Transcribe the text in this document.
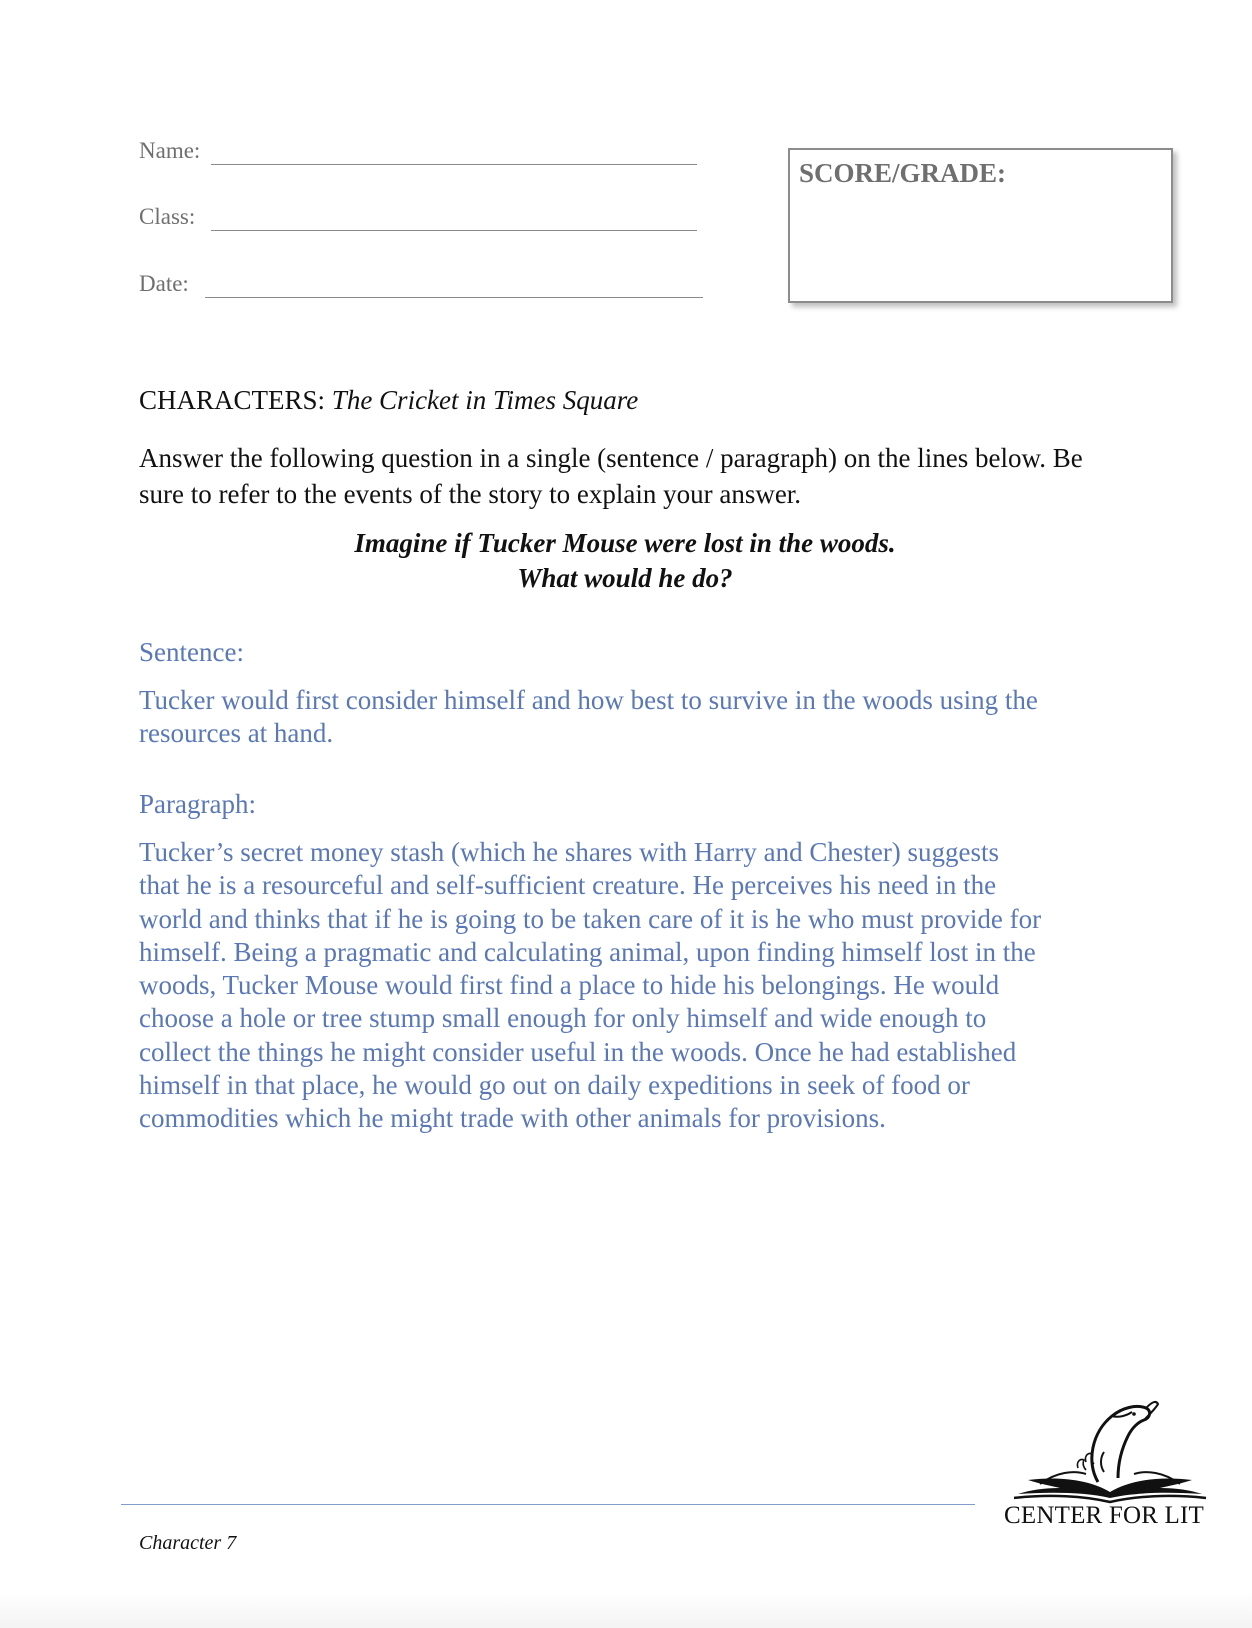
Name:
Class:
Date:
SCORE/GRADE:
CHARACTERS: The Cricket in Times Square
Answer the following question in a single (sentence / paragraph) on the lines below. Be sure to refer to the events of the story to explain your answer.
Imagine if Tucker Mouse were lost in the woods.
What would he do?
Sentence:
Tucker would first consider himself and how best to survive in the woods using the
resources at hand.
Paragraph:
Tucker’s secret money stash (which he shares with Harry and Chester) suggests
that he is a resourceful and self-sufficient creature. He perceives his need in the
world and thinks that if he is going to be taken care of it is he who must provide for
himself. Being a pragmatic and calculating animal, upon finding himself lost in the
woods, Tucker Mouse would first find a place to hide his belongings. He would
choose a hole or tree stump small enough for only himself and wide enough to
collect the things he might consider useful in the woods. Once he had established
himself in that place, he would go out on daily expeditions in seek of food or
commodities which he might trade with other animals for provisions.
Character 7
CENTER FOR LIT
